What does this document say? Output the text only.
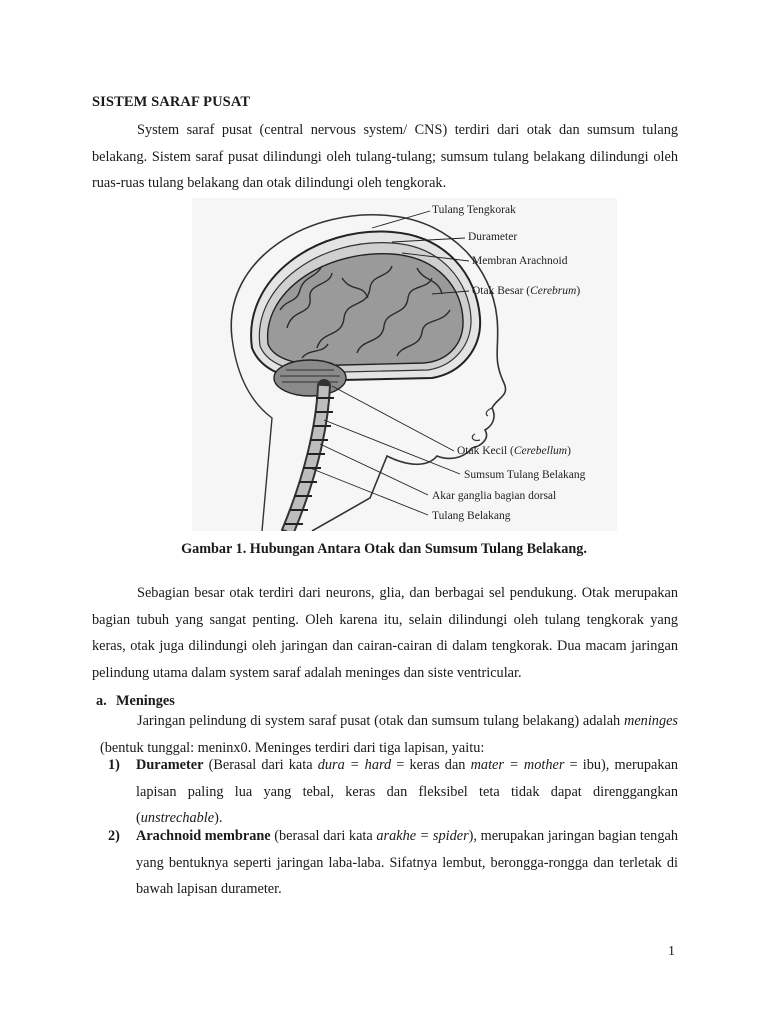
SISTEM SARAF PUSAT

System saraf pusat (central nervous system/ CNS) terdiri dari otak dan sumsum tulang belakang. Sistem saraf pusat dilindungi oleh tulang-tulang; sumsum tulang belakang dilindungi oleh ruas-ruas tulang belakang dan otak dilindungi oleh tengkorak.

Tulang Tengkorak
Durameter
Membran Arachnoid
Otak Besar (Cerebrum)
Otak Kecil (Cerebellum)
Sumsum Tulang Belakang
Akar ganglia bagian dorsal
Tulang Belakang

Gambar 1. Hubungan Antara Otak dan Sumsum Tulang Belakang.

Sebagian besar otak terdiri dari neurons, glia, dan berbagai sel pendukung. Otak merupakan bagian tubuh yang sangat penting. Oleh karena itu, selain dilindungi oleh tulang tengkorak yang keras, otak juga dilindungi oleh jaringan dan cairan-cairan di dalam tengkorak. Dua macam jaringan pelindung utama dalam system saraf adalah meninges dan siste ventricular.

a. Meninges

Jaringan pelindung di system saraf pusat (otak dan sumsum tulang belakang) adalah meninges (bentuk tunggal: meninx0. Meninges terdiri dari tiga lapisan, yaitu:

1) Durameter (Berasal dari kata dura = hard = keras dan mater = mother = ibu), merupakan lapisan paling lua yang tebal, keras dan fleksibel teta tidak dapat direnggangkan (unstrechable).

2) Arachnoid membrane (berasal dari kata arakhe = spider), merupakan jaringan bagian tengah yang bentuknya seperti jaringan laba-laba. Sifatnya lembut, berongga-rongga dan terletak di bawah lapisan durameter.

1
